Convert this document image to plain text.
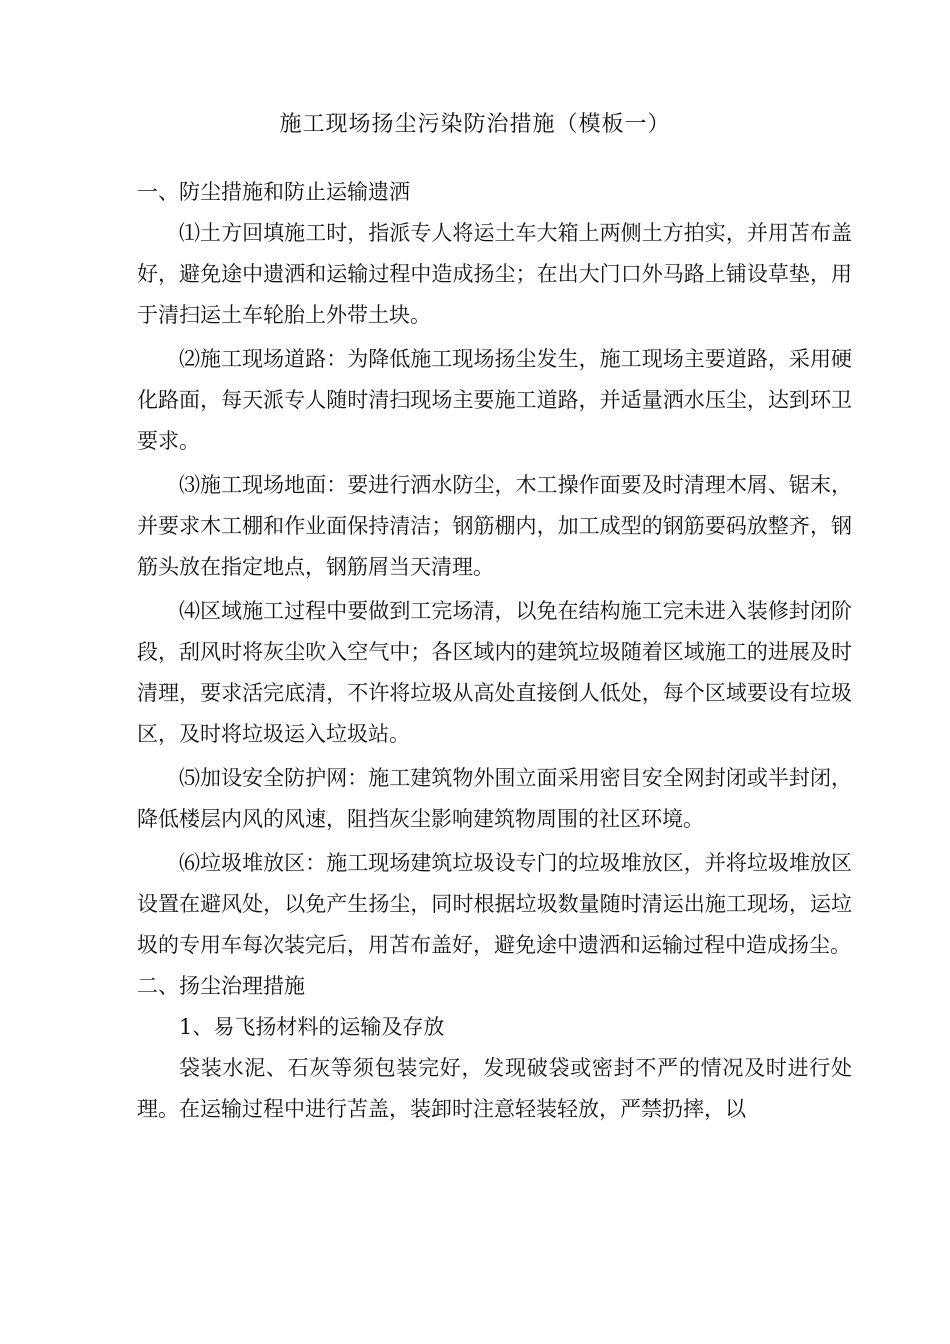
施工现场扬尘污染防治措施（模板一）

一、防尘措施和防止运输遗洒

⑴土方回填施工时，指派专人将运土车大箱上两侧土方拍实，并用苫布盖好，避免途中遗洒和运输过程中造成扬尘；在出大门口外马路上铺设草垫，用于清扫运土车轮胎上外带土块。

⑵施工现场道路：为降低施工现场扬尘发生，施工现场主要道路，采用硬化路面，每天派专人随时清扫现场主要施工道路，并适量洒水压尘，达到环卫要求。

⑶施工现场地面：要进行洒水防尘，木工操作面要及时清理木屑、锯末，并要求木工棚和作业面保持清洁；钢筋棚内，加工成型的钢筋要码放整齐，钢筋头放在指定地点，钢筋屑当天清理。

⑷区域施工过程中要做到工完场清，以免在结构施工完未进入装修封闭阶段，刮风时将灰尘吹入空气中；各区域内的建筑垃圾随着区域施工的进展及时清理，要求活完底清，不许将垃圾从高处直接倒人低处，每个区域要设有垃圾区，及时将垃圾运入垃圾站。

⑸加设安全防护网：施工建筑物外围立面采用密目安全网封闭或半封闭，降低楼层内风的风速，阻挡灰尘影响建筑物周围的社区环境。

⑹垃圾堆放区：施工现场建筑垃圾设专门的垃圾堆放区，并将垃圾堆放区设置在避风处，以免产生扬尘，同时根据垃圾数量随时清运出施工现场，运垃圾的专用车每次装完后，用苫布盖好，避免途中遗洒和运输过程中造成扬尘。

二、扬尘治理措施

1、易飞扬材料的运输及存放

袋装水泥、石灰等须包装完好，发现破袋或密封不严的情况及时进行处理。在运输过程中进行苫盖，装卸时注意轻装轻放，严禁扔摔，以
